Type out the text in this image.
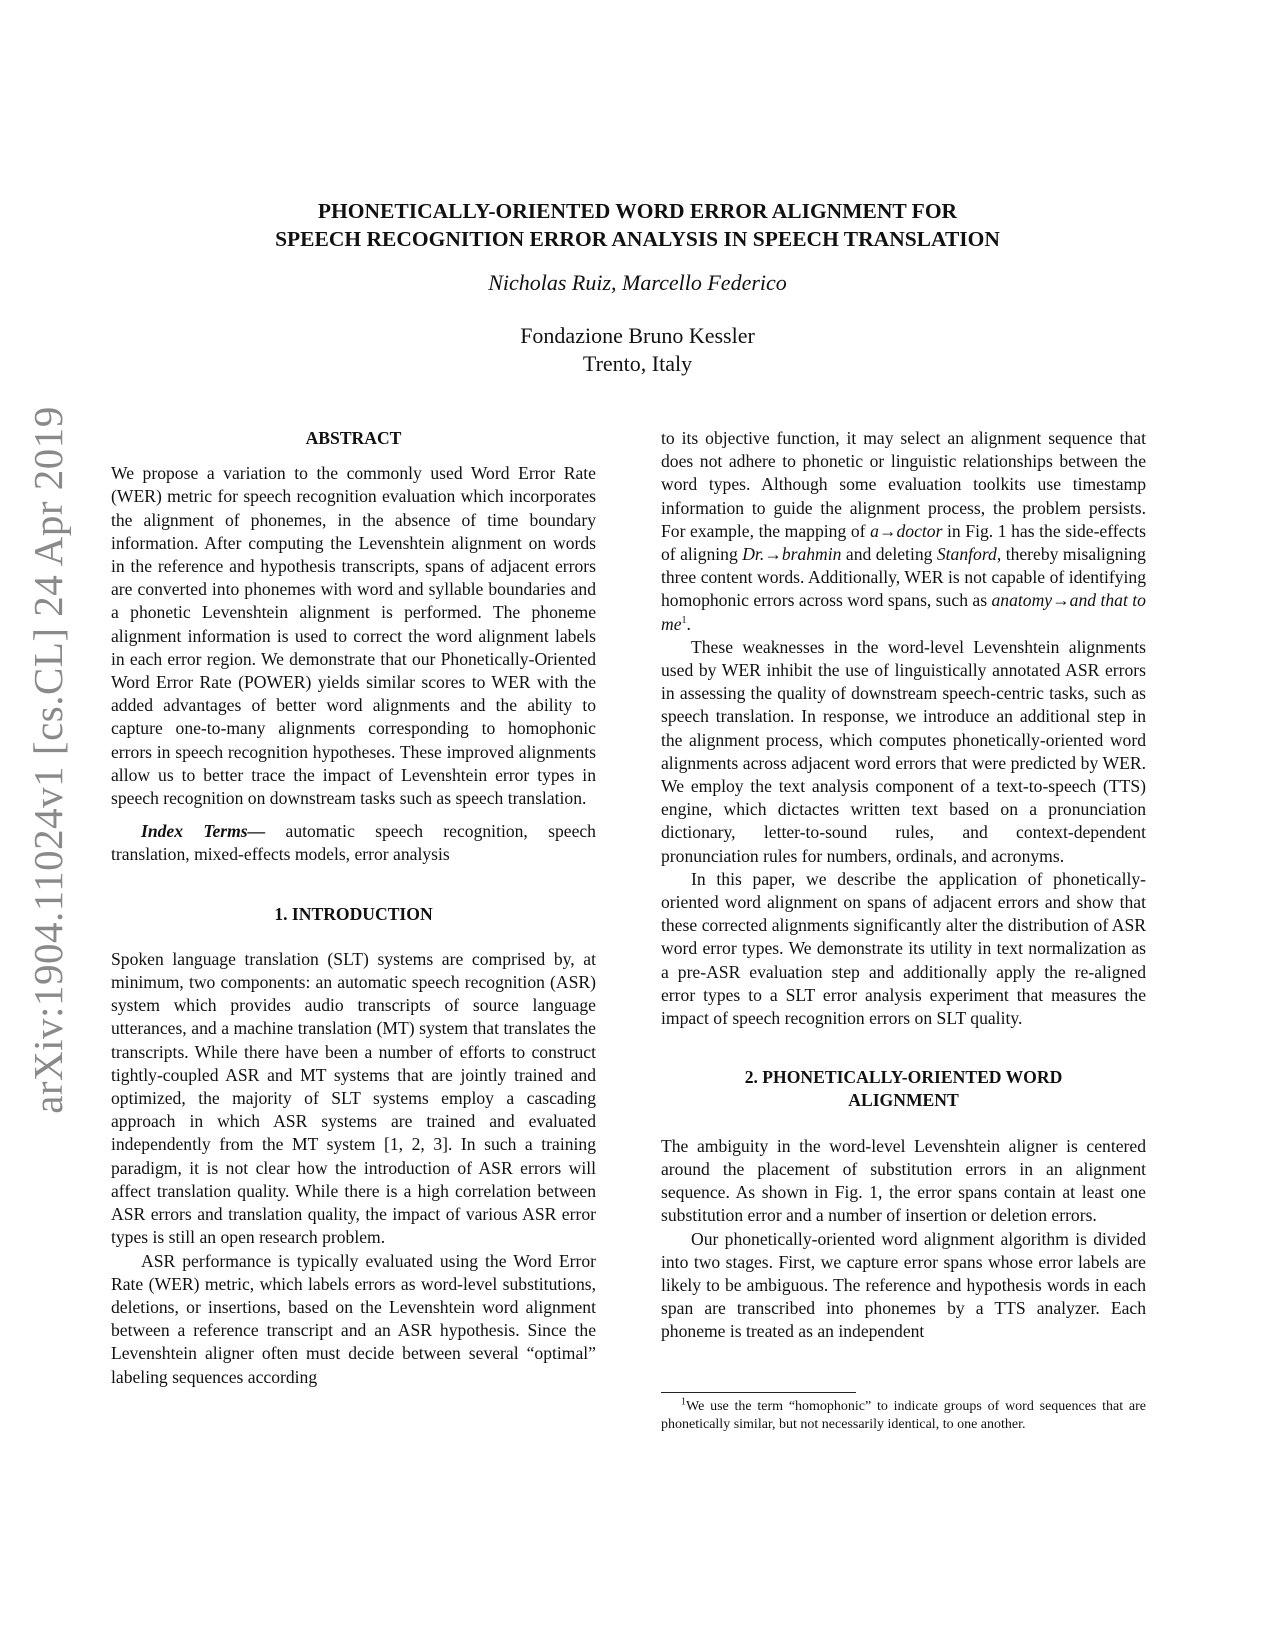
arXiv:1904.11024v1 [cs.CL] 24 Apr 2019
PHONETICALLY-ORIENTED WORD ERROR ALIGNMENT FOR
SPEECH RECOGNITION ERROR ANALYSIS IN SPEECH TRANSLATION
Nicholas Ruiz, Marcello Federico
Fondazione Bruno Kessler
Trento, Italy
ABSTRACT

We propose a variation to the commonly used Word Error Rate (WER) metric for speech recognition evaluation which incorporates the alignment of phonemes, in the absence of time boundary information. After computing the Levenshtein alignment on words in the reference and hypothesis transcripts, spans of adjacent errors are converted into phonemes with word and syllable boundaries and a phonetic Levenshtein alignment is performed. The phoneme alignment information is used to correct the word alignment labels in each error region. We demonstrate that our Phonetically-Oriented Word Error Rate (POWER) yields similar scores to WER with the added advantages of better word alignments and the ability to capture one-to-many alignments corresponding to homophonic errors in speech recognition hypotheses. These improved alignments allow us to better trace the impact of Levenshtein error types in speech recognition on downstream tasks such as speech translation.

Index Terms— automatic speech recognition, speech translation, mixed-effects models, error analysis

1. INTRODUCTION

Spoken language translation (SLT) systems are comprised by, at minimum, two components: an automatic speech recognition (ASR) system which provides audio transcripts of source language utterances, and a machine translation (MT) system that translates the transcripts. While there have been a number of efforts to construct tightly-coupled ASR and MT systems that are jointly trained and optimized, the majority of SLT systems employ a cascading approach in which ASR systems are trained and evaluated independently from the MT system [1, 2, 3]. In such a training paradigm, it is not clear how the introduction of ASR errors will affect translation quality. While there is a high correlation between ASR errors and translation quality, the impact of various ASR error types is still an open research problem.

ASR performance is typically evaluated using the Word Error Rate (WER) metric, which labels errors as word-level substitutions, deletions, or insertions, based on the Levenshtein word alignment between a reference transcript and an ASR hypothesis. Since the Levenshtein aligner often must decide between several “optimal” labeling sequences according

to its objective function, it may select an alignment sequence that does not adhere to phonetic or linguistic relationships between the word types. Although some evaluation toolkits use timestamp information to guide the alignment process, the problem persists. For example, the mapping of a→doctor in Fig. 1 has the side-effects of aligning Dr.→brahmin and deleting Stanford, thereby misaligning three content words. Additionally, WER is not capable of identifying homophonic errors across word spans, such as anatomy→and that to $me^1$.

These weaknesses in the word-level Levenshtein alignments used by WER inhibit the use of linguistically annotated ASR errors in assessing the quality of downstream speech-centric tasks, such as speech translation. In response, we introduce an additional step in the alignment process, which computes phonetically-oriented word alignments across adjacent word errors that were predicted by WER. We employ the text analysis component of a text-to-speech (TTS) engine, which dictactes written text based on a pronunciation dictionary, letter-to-sound rules, and context-dependent pronunciation rules for numbers, ordinals, and acronyms.

In this paper, we describe the application of phonetically-oriented word alignment on spans of adjacent errors and show that these corrected alignments significantly alter the distribution of ASR word error types. We demonstrate its utility in text normalization as a pre-ASR evaluation step and additionally apply the re-aligned error types to a SLT error analysis experiment that measures the impact of speech recognition errors on SLT quality.

2. PHONETICALLY-ORIENTED WORD
ALIGNMENT

The ambiguity in the word-level Levenshtein aligner is centered around the placement of substitution errors in an alignment sequence. As shown in Fig. 1, the error spans contain at least one substitution error and a number of insertion or deletion errors.

Our phonetically-oriented word alignment algorithm is divided into two stages. First, we capture error spans whose error labels are likely to be ambiguous. The reference and hypothesis words in each span are transcribed into phonemes by a TTS analyzer. Each phoneme is treated as an independent

$^1$We use the term “homophonic” to indicate groups of word sequences that are phonetically similar, but not necessarily identical, to one another.
